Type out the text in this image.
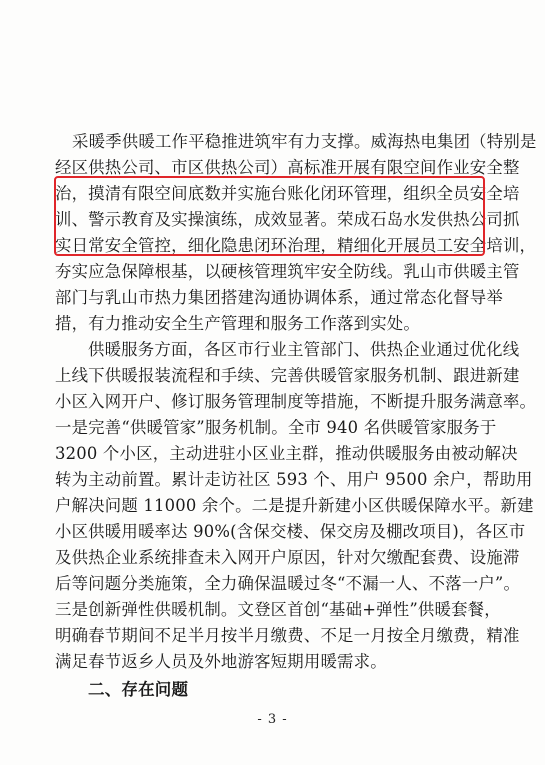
采暖季供暖工作平稳推进筑牢有力支撑。威海热电集团（特别是
经区供热公司、市区供热公司）高标准开展有限空间作业安全整
治，摸清有限空间底数并实施台账化闭环管理，组织全员安全培
训、警示教育及实操演练，成效显著。荣成石岛水发供热公司抓
实日常安全管控，细化隐患闭环治理，精细化开展员工安全培训，
夯实应急保障根基，以硬核管理筑牢安全防线。乳山市供暖主管
部门与乳山市热力集团搭建沟通协调体系，通过常态化督导举
措，有力推动安全生产管理和服务工作落到实处。
供暖服务方面，各区市行业主管部门、供热企业通过优化线
上线下供暖报装流程和手续、完善供暖管家服务机制、跟进新建
小区入网开户、修订服务管理制度等措施，不断提升服务满意率。
一是完善“供暖管家”服务机制。全市 940 名供暖管家服务于
3200 个小区，主动进驻小区业主群，推动供暖服务由被动解决
转为主动前置。累计走访社区 593 个、用户 9500 余户，帮助用
户解决问题 11000 余个。二是提升新建小区供暖保障水平。新建
小区供暖用暖率达 90%(含保交楼、保交房及棚改项目)，各区市
及供热企业系统排查未入网开户原因，针对欠缴配套费、设施滞
后等问题分类施策，全力确保温暖过冬“不漏一人、不落一户”。
三是创新弹性供暖机制。文登区首创“基础+弹性”供暖套餐，
明确春节期间不足半月按半月缴费、不足一月按全月缴费，精准
满足春节返乡人员及外地游客短期用暖需求。
二、存在问题
- 3 -
